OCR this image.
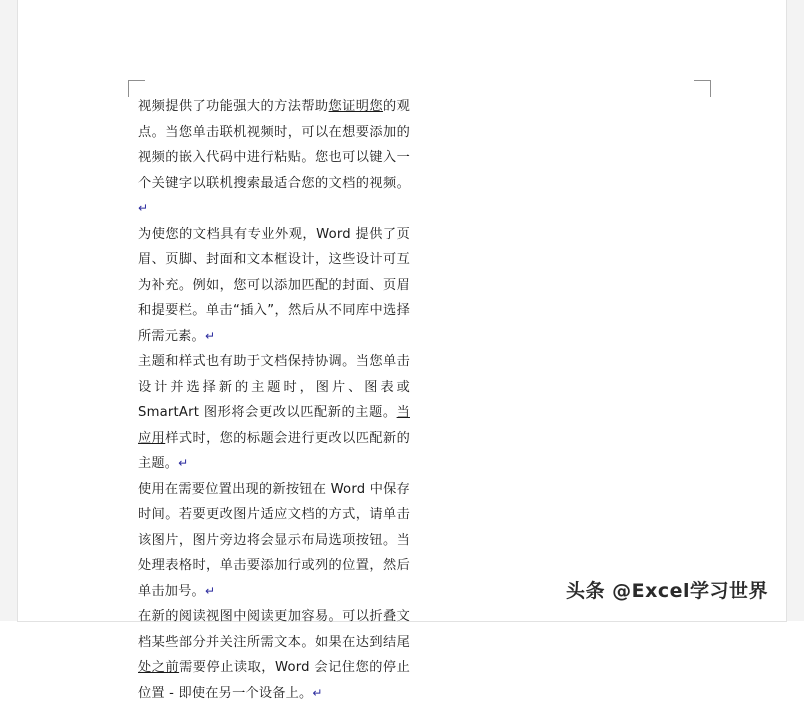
视频提供了功能强大的方法帮助您证明您的观点。当您单击联机视频时，可以在想要添加的视频的嵌入代码中进行粘贴。您也可以键入一个关键字以联机搜索最适合您的文档的视频。↵

为使您的文档具有专业外观，Word 提供了页眉、页脚、封面和文本框设计，这些设计可互为补充。例如，您可以添加匹配的封面、页眉和提要栏。单击“插入”，然后从不同库中选择所需元素。↵

主题和样式也有助于文档保持协调。当您单击设计并选择新的主题时，图片、图表或 SmartArt 图形将会更改以匹配新的主题。当应用样式时，您的标题会进行更改以匹配新的主题。↵

使用在需要位置出现的新按钮在 Word 中保存时间。若要更改图片适应文档的方式，请单击该图片，图片旁边将会显示布局选项按钮。当处理表格时，单击要添加行或列的位置，然后单击加号。↵

在新的阅读视图中阅读更加容易。可以折叠文档某些部分并关注所需文本。如果在达到结尾处之前需要停止读取，Word 会记住您的停止位置 - 即使在另一个设备上。↵

头条 @Excel学习世界
